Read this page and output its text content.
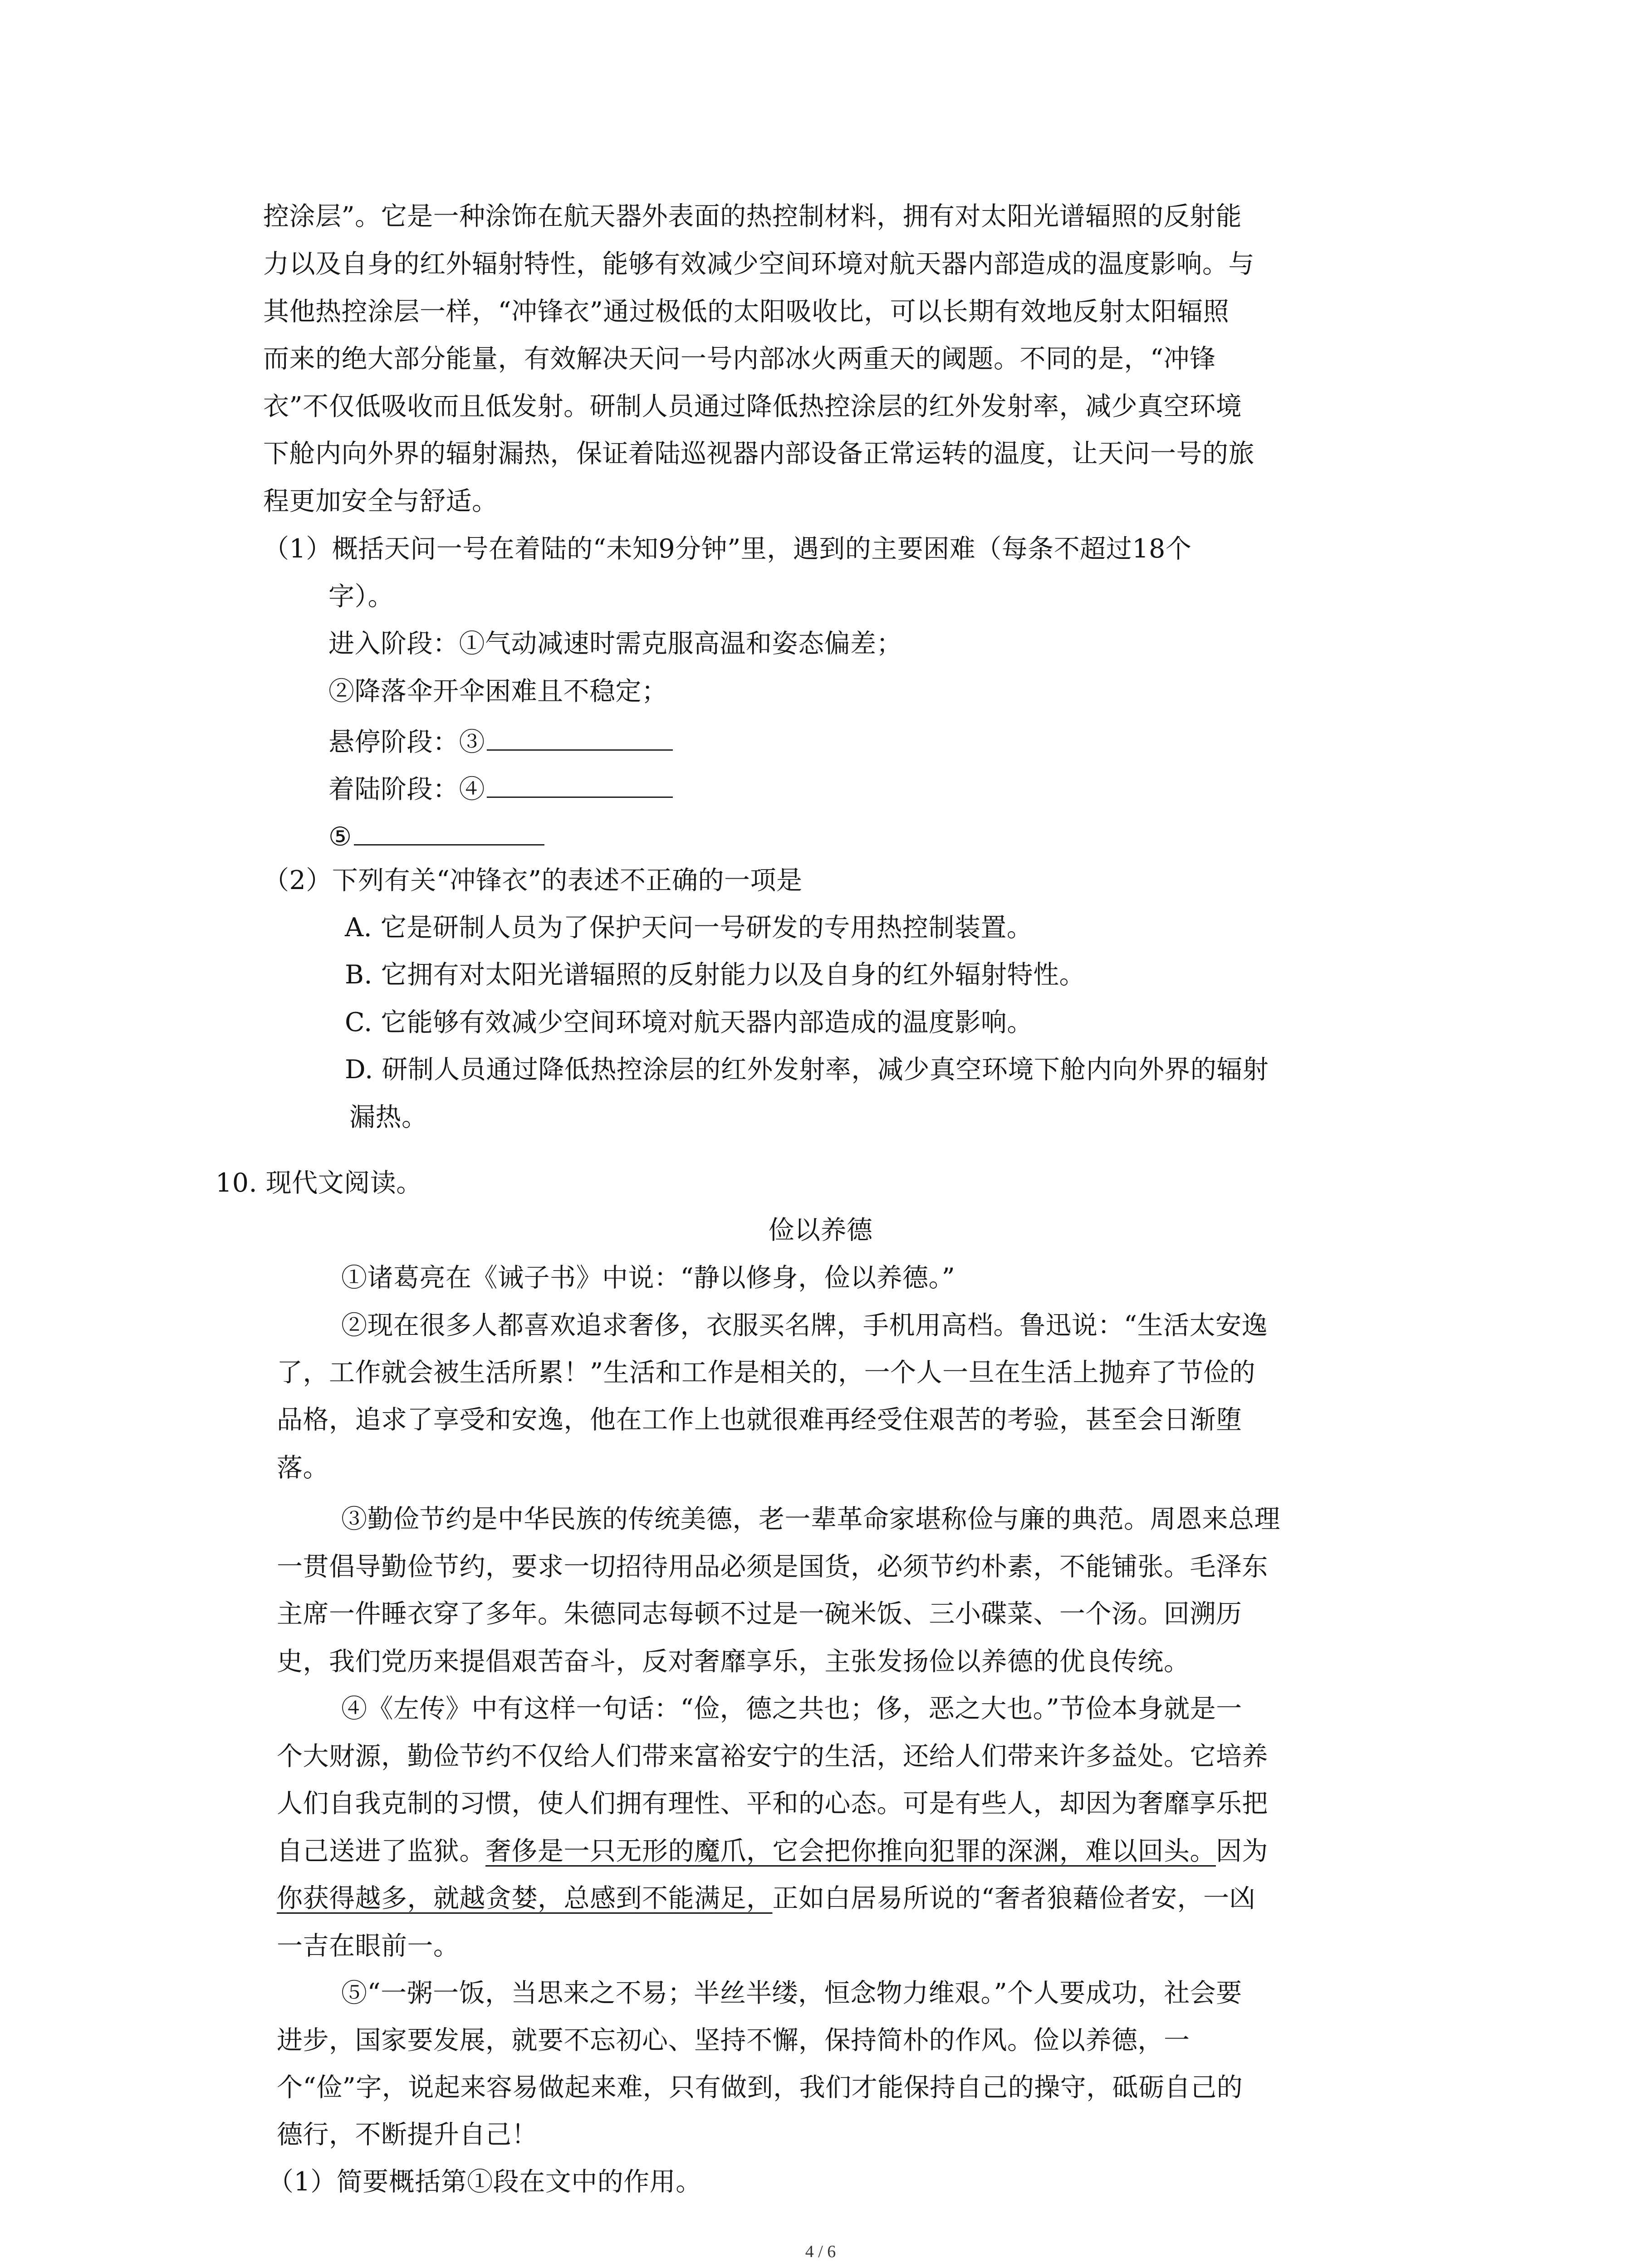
控涂层”。它是一种涂饰在航天器外表面的热控制材料，拥有对太阳光谱辐照的反射能
力以及自身的红外辐射特性，能够有效减少空间环境对航天器内部造成的温度影响。与
其他热控涂层一样，“冲锋衣”通过极低的太阳吸收比，可以长期有效地反射太阳辐照
而来的绝大部分能量，有效解决天问一号内部冰火两重天的阈题。不同的是，“冲锋
衣”不仅低吸收而且低发射。研制人员通过降低热控涂层的红外发射率，减少真空环境
下舱内向外界的辐射漏热，保证着陆巡视器内部设备正常运转的温度，让天问一号的旅
程更加安全与舒适。
（1）概括天问一号在着陆的“未知9分钟”里，遇到的主要困难（每条不超过18个
字）。
进入阶段：①气动减速时需克服高温和姿态偏差；
②降落伞开伞困难且不稳定；
悬停阶段：③
着陆阶段：④
⑤
（2）下列有关“冲锋衣”的表述不正确的一项是
A. 它是研制人员为了保护天问一号研发的专用热控制装置。
B. 它拥有对太阳光谱辐照的反射能力以及自身的红外辐射特性。
C. 它能够有效减少空间环境对航天器内部造成的温度影响。
D. 研制人员通过降低热控涂层的红外发射率，减少真空环境下舱内向外界的辐射
漏热。
10. 现代文阅读。
俭以养德
①诸葛亮在《诫子书》中说：“静以修身，俭以养德。”
②现在很多人都喜欢追求奢侈，衣服买名牌，手机用高档。鲁迅说：“生活太安逸
了，工作就会被生活所累！”生活和工作是相关的，一个人一旦在生活上抛弃了节俭的
品格，追求了享受和安逸，他在工作上也就很难再经受住艰苦的考验，甚至会日渐堕
落。
③勤俭节约是中华民族的传统美德，老一辈革命家堪称俭与廉的典范。周恩来总理
一贯倡导勤俭节约，要求一切招待用品必须是国货，必须节约朴素，不能铺张。毛泽东
主席一件睡衣穿了多年。朱德同志每顿不过是一碗米饭、三小碟菜、一个汤。回溯历
史，我们党历来提倡艰苦奋斗，反对奢靡享乐，主张发扬俭以养德的优良传统。
④《左传》中有这样一句话：“俭，德之共也；侈，恶之大也。”节俭本身就是一
个大财源，勤俭节约不仅给人们带来富裕安宁的生活，还给人们带来许多益处。它培养
人们自我克制的习惯，使人们拥有理性、平和的心态。可是有些人，却因为奢靡享乐把
自己送进了监狱。奢侈是一只无形的魔爪，它会把你推向犯罪的深渊，难以回头。因为
你获得越多，就越贪婪，总感到不能满足，正如白居易所说的“奢者狼藉俭者安，一凶
一吉在眼前一。
⑤“一粥一饭，当思来之不易；半丝半缕，恒念物力维艰。”个人要成功，社会要
进步，国家要发展，就要不忘初心、坚持不懈，保持简朴的作风。俭以养德，一
个“俭”字，说起来容易做起来难，只有做到，我们才能保持自己的操守，砥砺自己的
德行，不断提升自己！
（1）简要概括第①段在文中的作用。
4 / 6
